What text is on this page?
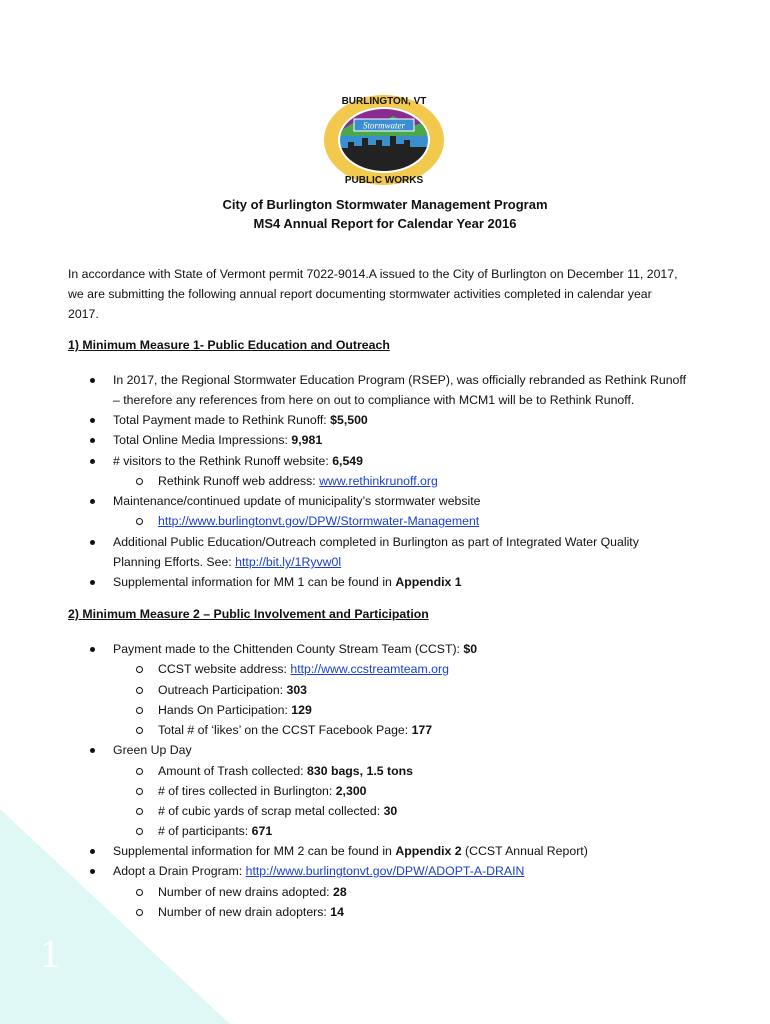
1
Stormwater
BURLINGTON, VT
PUBLIC WORKS
City of Burlington Stormwater Management Program
MS4 Annual Report for Calendar Year 2016
In accordance with State of Vermont permit 7022-9014.A issued to the City of Burlington on December 11, 2017,
we are submitting the following annual report documenting stormwater activities completed in calendar year
2017.
1) Minimum Measure 1- Public Education and Outreach
In 2017, the Regional Stormwater Education Program (RSEP), was officially rebranded as Rethink Runoff
– therefore any references from here on out to compliance with MCM1 will be to Rethink Runoff.
Total Payment made to Rethink Runoff: $5,500
Total Online Media Impressions: 9,981
# visitors to the Rethink Runoff website: 6,549
Rethink Runoff web address: www.rethinkrunoff.org
Maintenance/continued update of municipality’s stormwater website
http://www.burlingtonvt.gov/DPW/Stormwater-Management
Additional Public Education/Outreach completed in Burlington as part of Integrated Water Quality
Planning Efforts. See: http://bit.ly/1Ryvw0l
Supplemental information for MM 1 can be found in Appendix 1
2) Minimum Measure 2 – Public Involvement and Participation
Payment made to the Chittenden County Stream Team (CCST): $0
CCST website address: http://www.ccstreamteam.org
Outreach Participation: 303
Hands On Participation: 129
Total # of ‘likes’ on the CCST Facebook Page: 177
Green Up Day
Amount of Trash collected: 830 bags, 1.5 tons
# of tires collected in Burlington: 2,300
# of cubic yards of scrap metal collected: 30
# of participants: 671
Supplemental information for MM 2 can be found in Appendix 2 (CCST Annual Report)
Adopt a Drain Program: http://www.burlingtonvt.gov/DPW/ADOPT-A-DRAIN
Number of new drains adopted: 28
Number of new drain adopters: 14
